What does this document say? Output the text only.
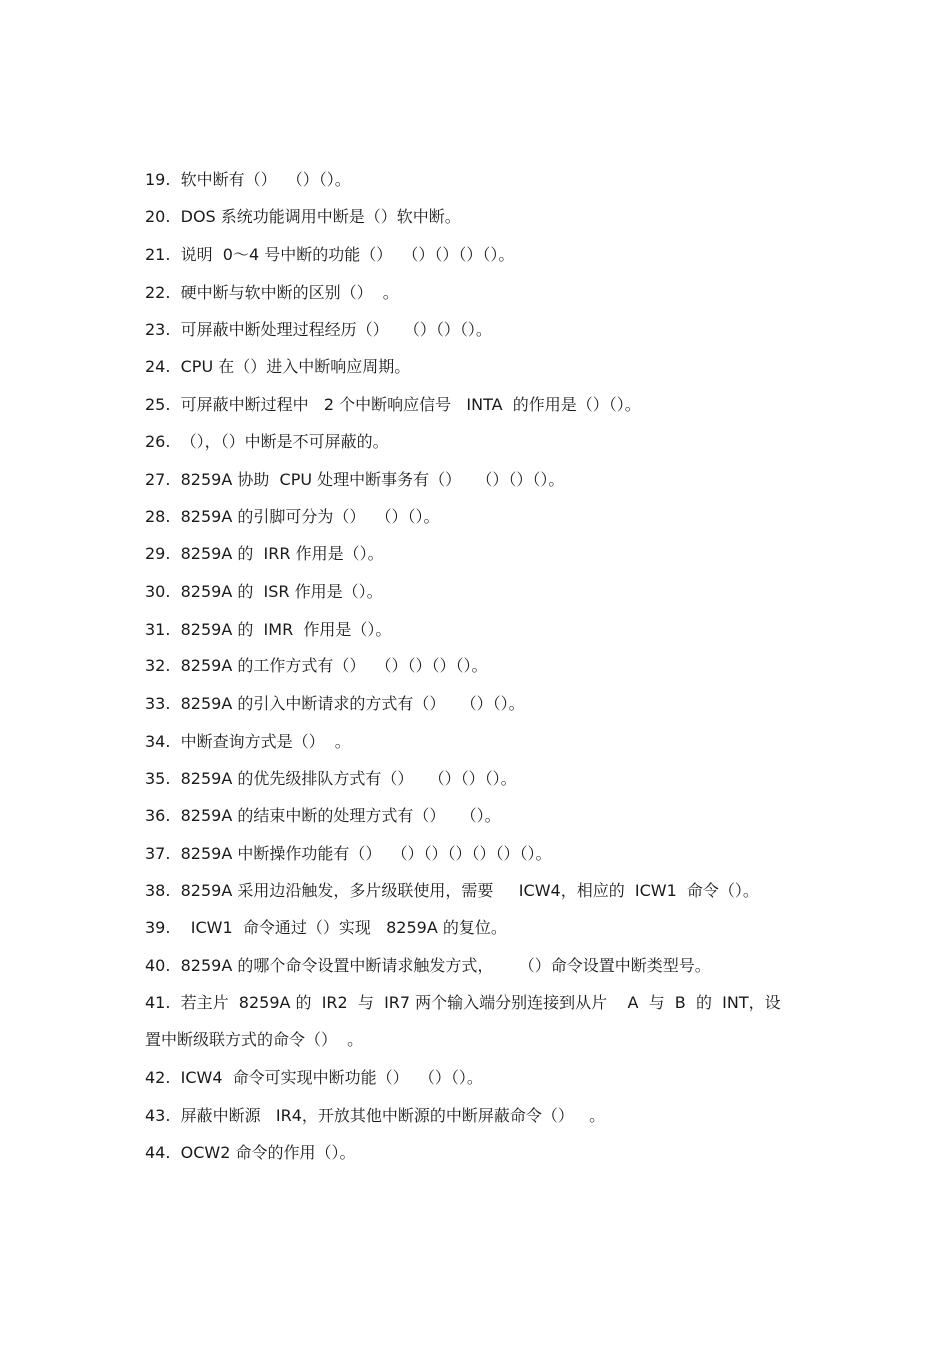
19.  软中断有（）  （）（）。
20.  DOS 系统功能调用中断是（）软中断。
21.  说明  0～4 号中断的功能（）  （）（）（）（）。
22.  硬中断与软中断的区别（）  。
23.  可屏蔽中断处理过程经历（）   （）（）（）。
24.  CPU 在（）进入中断响应周期。
25.  可屏蔽中断过程中   2 个中断响应信号   INTA  的作用是（）（）。
26.  （），（）中断是不可屏蔽的。
27.  8259A 协助  CPU 处理中断事务有（）   （）（）（）。
28.  8259A 的引脚可分为（）  （）（）。
29.  8259A 的  IRR 作用是（）。
30.  8259A 的  ISR 作用是（）。
31.  8259A 的  IMR  作用是（）。
32.  8259A 的工作方式有（）  （）（）（）（）。
33.  8259A 的引入中断请求的方式有（）   （）（）。
34.  中断查询方式是（）  。
35.  8259A 的优先级排队方式有（）   （）（）（）。
36.  8259A 的结束中断的处理方式有（）   （）。
37.  8259A 中断操作功能有（）  （）（）（）（）（）（）。
38.  8259A 采用边沿触发，多片级联使用，需要     ICW4，相应的  ICW1  命令（）。
39.    ICW1  命令通过（）实现   8259A 的复位。
40.  8259A 的哪个命令设置中断请求触发方式，     （）命令设置中断类型号。
41.  若主片  8259A 的  IR2  与  IR7 两个输入端分别连接到从片    A  与  B  的  INT，设
置中断级联方式的命令（）  。
42.  ICW4  命令可实现中断功能（）  （）（）。
43.  屏蔽中断源   IR4，开放其他中断源的中断屏蔽命令（）   。
44.  OCW2 命令的作用（）。
